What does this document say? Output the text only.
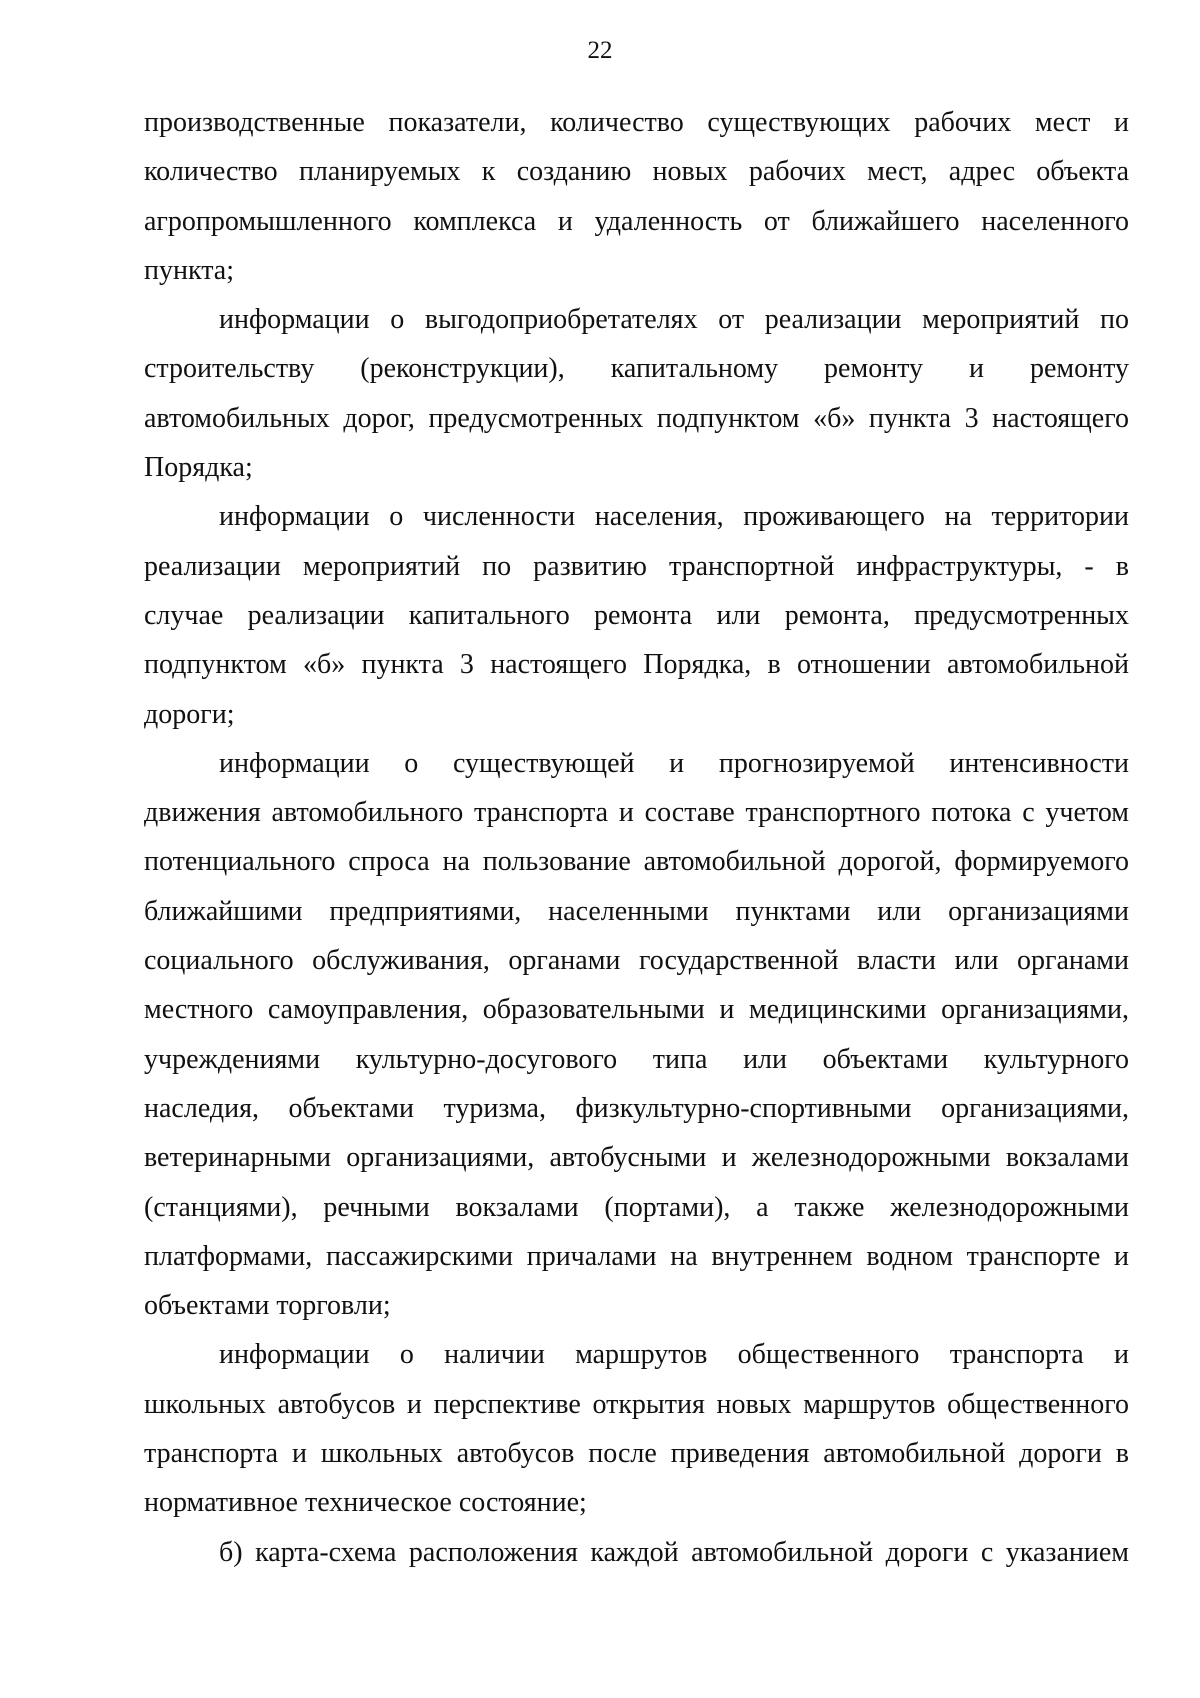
22
производственные показатели, количество существующих рабочих мест и
количество планируемых к созданию новых рабочих мест, адрес объекта
агропромышленного комплекса и удаленность от ближайшего населенного
пункта;
информации о выгодоприобретателях от реализации мероприятий по
строительству (реконструкции), капитальному ремонту и ремонту
автомобильных дорог, предусмотренных подпунктом «б» пункта 3 настоящего
Порядка;
информации о численности населения, проживающего на территории
реализации мероприятий по развитию транспортной инфраструктуры, - в
случае реализации капитального ремонта или ремонта, предусмотренных
подпунктом «б» пункта 3 настоящего Порядка, в отношении автомобильной
дороги;
информации о существующей и прогнозируемой интенсивности
движения автомобильного транспорта и составе транспортного потока с учетом
потенциального спроса на пользование автомобильной дорогой, формируемого
ближайшими предприятиями, населенными пунктами или организациями
социального обслуживания, органами государственной власти или органами
местного самоуправления, образовательными и медицинскими организациями,
учреждениями культурно-досугового типа или объектами культурного
наследия, объектами туризма, физкультурно-спортивными организациями,
ветеринарными организациями, автобусными и железнодорожными вокзалами
(станциями), речными вокзалами (портами), а также железнодорожными
платформами, пассажирскими причалами на внутреннем водном транспорте и
объектами торговли;
информации о наличии маршрутов общественного транспорта и
школьных автобусов и перспективе открытия новых маршрутов общественного
транспорта и школьных автобусов после приведения автомобильной дороги в
нормативное техническое состояние;
б) карта-схема расположения каждой автомобильной дороги с указанием
